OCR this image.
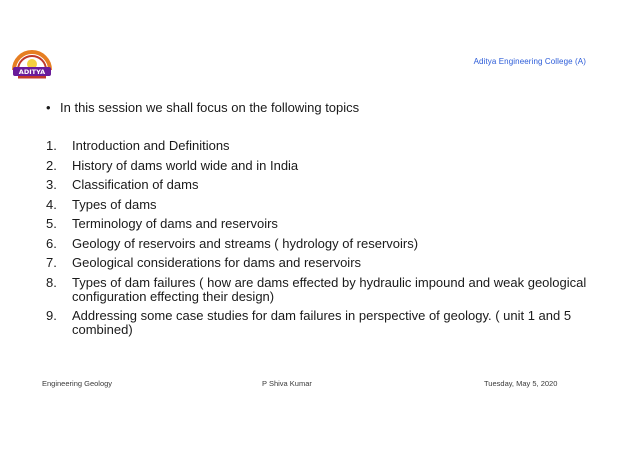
ADITYA
Aditya Engineering College (A)
• In this session we shall focus on the following topics
1. Introduction and Definitions
2. History of dams world wide and in India
3. Classification of dams
4. Types of dams
5. Terminology of dams and reservoirs
6. Geology of reservoirs and streams ( hydrology of reservoirs)
7. Geological considerations for dams and reservoirs
8. Types of dam failures ( how are dams effected by hydraulic impound and weak geological configuration effecting their design)
9. Addressing some case studies for dam failures in perspective of geology. ( unit 1 and 5 combined)
Engineering Geology	P Shiva Kumar	Tuesday, May 5, 2020
